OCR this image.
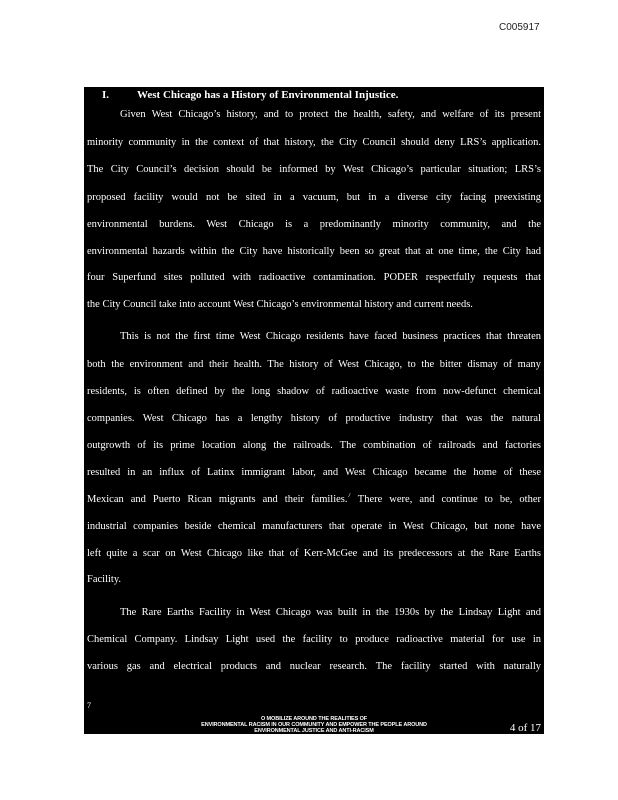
C005917
I.	West Chicago has a History of Environmental Injustice.
Given West Chicago’s history, and to protect the health, safety, and welfare of its present
minority community in the context of that history, the City Council should deny LRS’s application.
The City Council’s decision should be informed by West Chicago’s particular situation; LRS’s
proposed facility would not be sited in a vacuum, but in a diverse city facing preexisting
environmental burdens. West Chicago is a predominantly minority community, and the
environmental hazards within the City have historically been so great that at one time, the City had
four Superfund sites polluted with radioactive contamination. PODER respectfully requests that
the City Council take into account West Chicago’s environmental history and current needs.
This is not the first time West Chicago residents have faced business practices that threaten
both the environment and their health. The history of West Chicago, to the bitter dismay of many
residents, is often defined by the long shadow of radioactive waste from now-defunct chemical
companies. West Chicago has a lengthy history of productive industry that was the natural
outgrowth of its prime location along the railroads. The combination of railroads and factories
resulted in an influx of Latinx immigrant labor, and West Chicago became the home of these
Mexican and Puerto Rican migrants and their families.$^7$ There were, and continue to be, other
industrial companies beside chemical manufacturers that operate in West Chicago, but none have
left quite a scar on West Chicago like that of Kerr-McGee and its predecessors at the Rare Earths
Facility.
The Rare Earths Facility in West Chicago was built in the 1930s by the Lindsay Light and
Chemical Company. Lindsay Light used the facility to produce radioactive material for use in
various gas and electrical products and nuclear research. The facility started with naturally
7
O MOBILIZE AROUND THE REALITIES OF
ENVIRONMENTAL RACISM IN OUR COMMUNITY AND EMPOWER THE PEOPLE AROUND
ENVIRONMENTAL JUSTICE AND ANTI-RACISM	4 of 17
